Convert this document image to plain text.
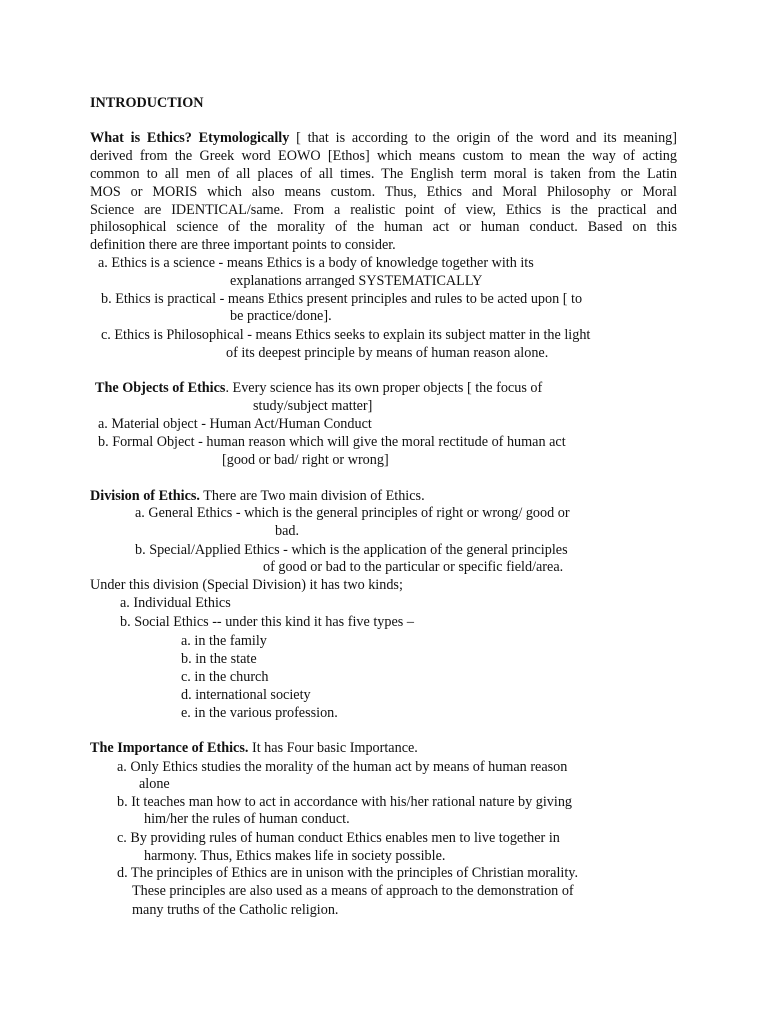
INTRODUCTION
What is Ethics? Etymologically [ that is according to the origin of the word and its meaning]
derived from the Greek word EOWO [Ethos] which means custom to mean the way of acting
common to all men of all places of all times. The English term moral is taken from the Latin
MOS or MORIS which also means custom. Thus, Ethics and Moral Philosophy or Moral
Science are IDENTICAL/same. From a realistic point of view, Ethics is the practical and
philosophical science of the morality of the human act or human conduct. Based on this
definition there are three important points to consider.
a. Ethics is a science - means Ethics is a body of knowledge together with its
explanations arranged SYSTEMATICALLY
b. Ethics is practical - means Ethics present principles and rules to be acted upon [ to
be practice/done].
c. Ethics is Philosophical - means Ethics seeks to explain its subject matter in the light
of its deepest principle by means of human reason alone.
The Objects of Ethics. Every science has its own proper objects [ the focus of
study/subject matter]
a. Material object - Human Act/Human Conduct
b. Formal Object - human reason which will give the moral rectitude of human act
[good or bad/ right or wrong]
Division of Ethics. There are Two main division of Ethics.
a. General Ethics - which is the general principles of right or wrong/ good or
bad.
b. Special/Applied Ethics - which is the application of the general principles
of good or bad to the particular or specific field/area.
Under this division (Special Division) it has two kinds;
a. Individual Ethics
b. Social Ethics -- under this kind it has five types –
a. in the family
b. in the state
c. in the church
d. international society
e. in the various profession.
The Importance of Ethics. It has Four basic Importance.
a. Only Ethics studies the morality of the human act by means of human reason
alone
b. It teaches man how to act in accordance with his/her rational nature by giving
him/her the rules of human conduct.
c. By providing rules of human conduct Ethics enables men to live together in
harmony. Thus, Ethics makes life in society possible.
d. The principles of Ethics are in unison with the principles of Christian morality.
These principles are also used as a means of approach to the demonstration of
many truths of the Catholic religion.
